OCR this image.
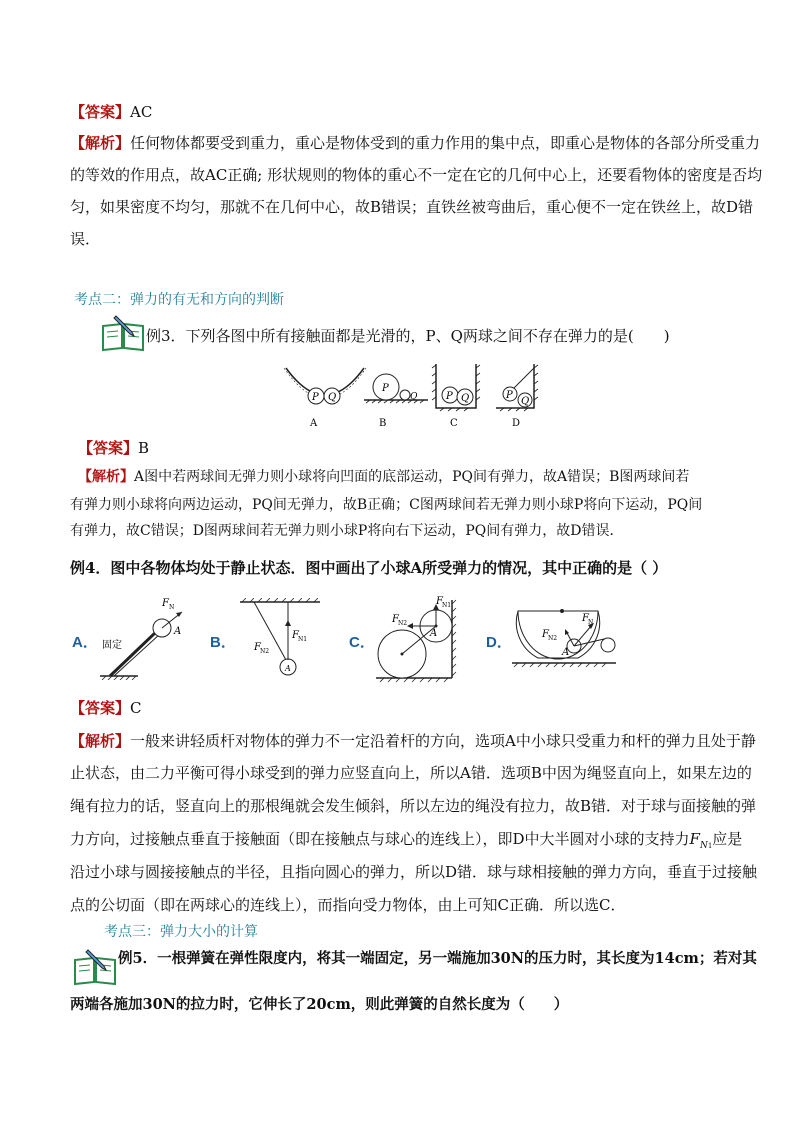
【答案】AC
【解析】任何物体都要受到重力，重心是物体受到的重力作用的集中点，即重心是物体的各部分所受重力
的等效的作用点，故AC正确; 形状规则的物体的重心不一定在它的几何中心上，还要看物体的密度是否均
匀，如果密度不均匀，那就不在几何中心，故B错误；直铁丝被弯曲后，重心便不一定在铁丝上，故D错
误．
考点二：弹力的有无和方向的判断
例3．下列各图中所有接触面都是光滑的，P、Q两球之间不存在弹力的是(　　)
P Q
A
P
Q
B
P Q
C
P
Q
D
【答案】B
【解析】A图中若两球间无弹力则小球将向凹面的底部运动，PQ间有弹力，故A错误；B图两球间若
有弹力则小球将向两边运动，PQ间无弹力，故B正确；C图两球间若无弹力则小球P将向下运动，PQ间
有弹力，故C错误；D图两球间若无弹力则小球P将向右下运动，PQ间有弹力，故D错误．
例4．图中各物体均处于静止状态．图中画出了小球A所受弹力的情况，其中正确的是（ ）
A．	B．	C．	D．
F N
A
固定
F N1
F N2
A
F N1
F N2
A
F N
F N2
A
【答案】C
【解析】一般来讲轻质杆对物体的弹力不一定沿着杆的方向，选项A中小球只受重力和杆的弹力且处于静
止状态，由二力平衡可得小球受到的弹力应竖直向上，所以A错．选项B中因为绳竖直向上，如果左边的
绳有拉力的话，竖直向上的那根绳就会发生倾斜，所以左边的绳没有拉力，故B错．对于球与面接触的弹
力方向，过接触点垂直于接触面（即在接触点与球心的连线上），即D中大半圆对小球的支持力$F_{N1}$应是
沿过小球与圆接接触点的半径，且指向圆心的弹力，所以D错．球与球相接触的弹力方向，垂直于过接触
点的公切面（即在两球心的连线上），而指向受力物体，由上可知C正确．所以选C．
考点三：弹力大小的计算
例5．一根弹簧在弹性限度内，将其一端固定，另一端施加30N的压力时，其长度为14cm；若对其
两端各施加30N的拉力时，它伸长了20cm，则此弹簧的自然长度为（　　）
